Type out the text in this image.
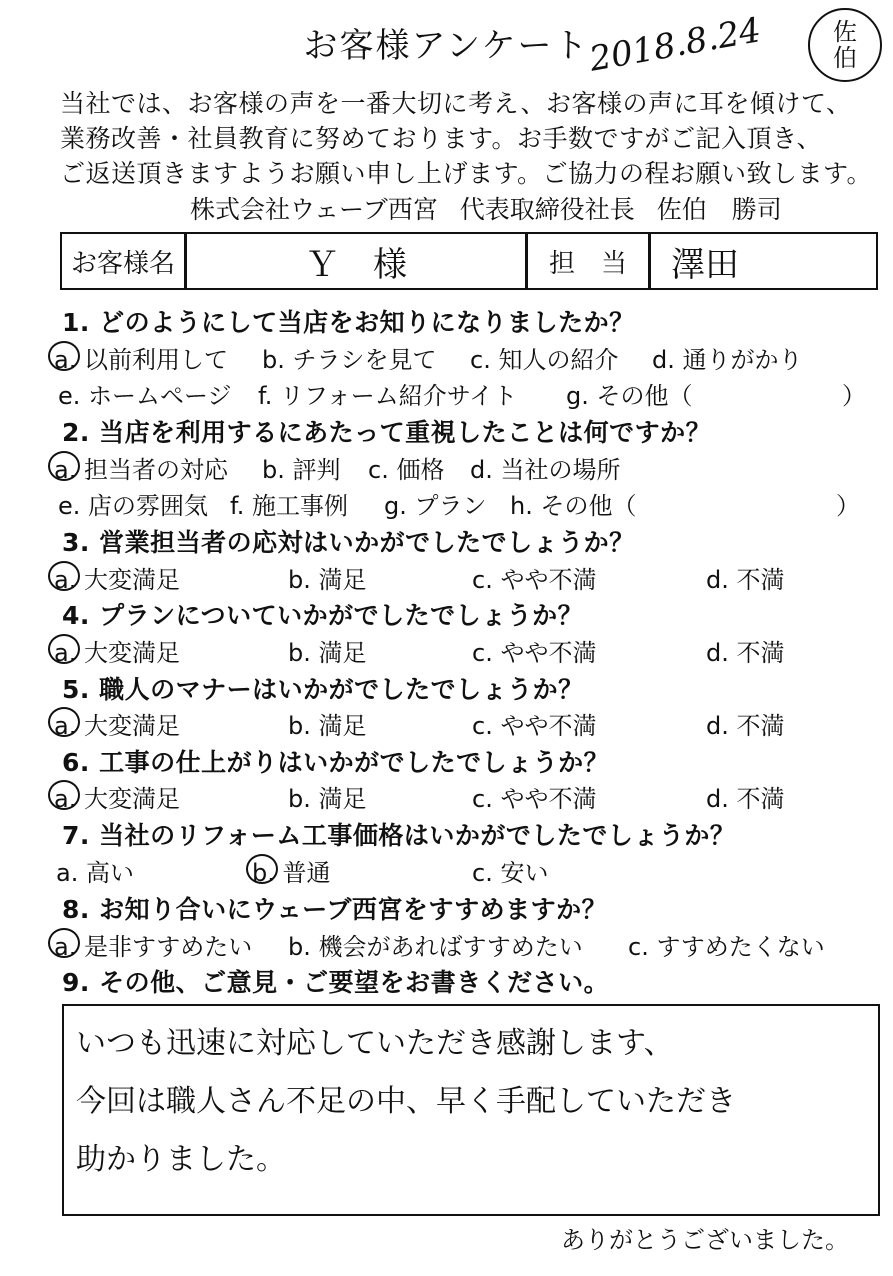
お客様アンケート
2018.8.24	佐
伯
当社では、お客様の声を一番大切に考え、お客様の声に耳を傾けて、
業務改善・社員教育に努めております。お手数ですがご記入頂き、
ご返送頂きますようお願い申し上げます。ご協力の程お願い致します。
株式会社ウェーブ西宮 代表取締役社長 佐伯　勝司
お客様名	Ｙ　様	担　当 澤田
1. どのようにして当店をお知りになりましたか？
a. 以前利用して b. チラシを見て c. 知人の紹介 d. 通りがかり
e. ホームページ f. リフォーム紹介サイト g. その他（	）
2. 当店を利用するにあたって重視したことは何ですか？
a. 担当者の対応 b. 評判 c. 価格 d. 当社の場所
e. 店の雰囲気 f. 施工事例 g. プラン h. その他（	）
3. 営業担当者の応対はいかがでしたでしょうか？
a. 大変満足	b. 満足	c. やや不満	d. 不満
4. プランについていかがでしたでしょうか？
a. 大変満足	b. 満足	c. やや不満	d. 不満
5. 職人のマナーはいかがでしたでしょうか？
a. 大変満足	b. 満足	c. やや不満	d. 不満
6. 工事の仕上がりはいかがでしたでしょうか？
a. 大変満足	b. 満足	c. やや不満	d. 不満
7. 当社のリフォーム工事価格はいかがでしたでしょうか？
a. 高い	b. 普通	c. 安い
8. お知り合いにウェーブ西宮をすすめますか？
a. 是非すすめたい b. 機会があればすすめたい c. すすめたくない
9. その他、ご意見・ご要望をお書きください。
いつも迅速に対応していただき感謝します、
今回は職人さん不足の中、早く手配していただき
助かりました。
ありがとうございました。
